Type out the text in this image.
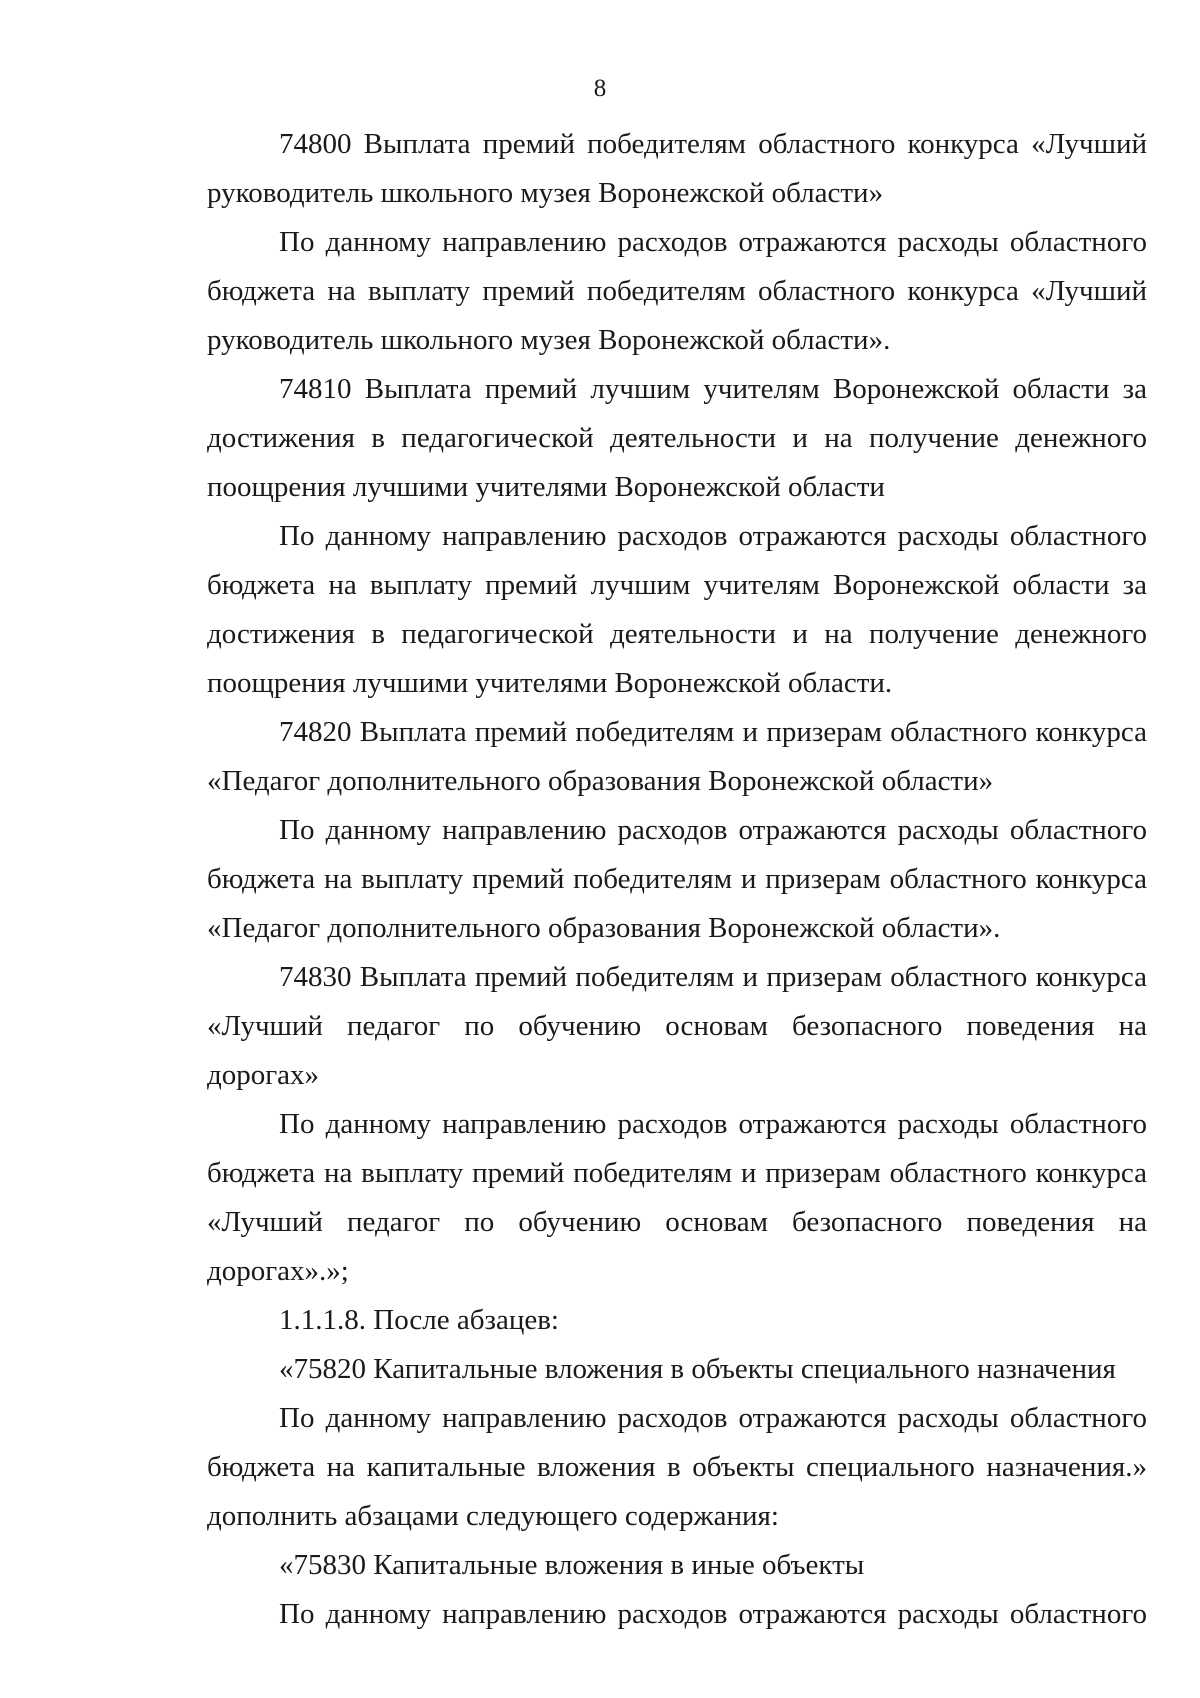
8

74800 Выплата премий победителям областного конкурса «Лучший руководитель школьного музея Воронежской области»

По данному направлению расходов отражаются расходы областного бюджета на выплату премий победителям областного конкурса «Лучший руководитель школьного музея Воронежской области».

74810 Выплата премий лучшим учителям Воронежской области за достижения в педагогической деятельности и на получение денежного поощрения лучшими учителями Воронежской области

По данному направлению расходов отражаются расходы областного бюджета на выплату премий лучшим учителям Воронежской области за достижения в педагогической деятельности и на получение денежного поощрения лучшими учителями Воронежской области.

74820 Выплата премий победителям и призерам областного конкурса «Педагог дополнительного образования Воронежской области»

По данному направлению расходов отражаются расходы областного бюджета на выплату премий победителям и призерам областного конкурса «Педагог дополнительного образования Воронежской области».

74830 Выплата премий победителям и призерам областного конкурса «Лучший педагог по обучению основам безопасного поведения на дорогах»

По данному направлению расходов отражаются расходы областного бюджета на выплату премий победителям и призерам областного конкурса «Лучший педагог по обучению основам безопасного поведения на дорогах».»;

1.1.1.8. После абзацев:

«75820 Капитальные вложения в объекты специального назначения

По данному направлению расходов отражаются расходы областного бюджета на капитальные вложения в объекты специального назначения.» дополнить абзацами следующего содержания:

«75830 Капитальные вложения в иные объекты

По данному направлению расходов отражаются расходы областного
